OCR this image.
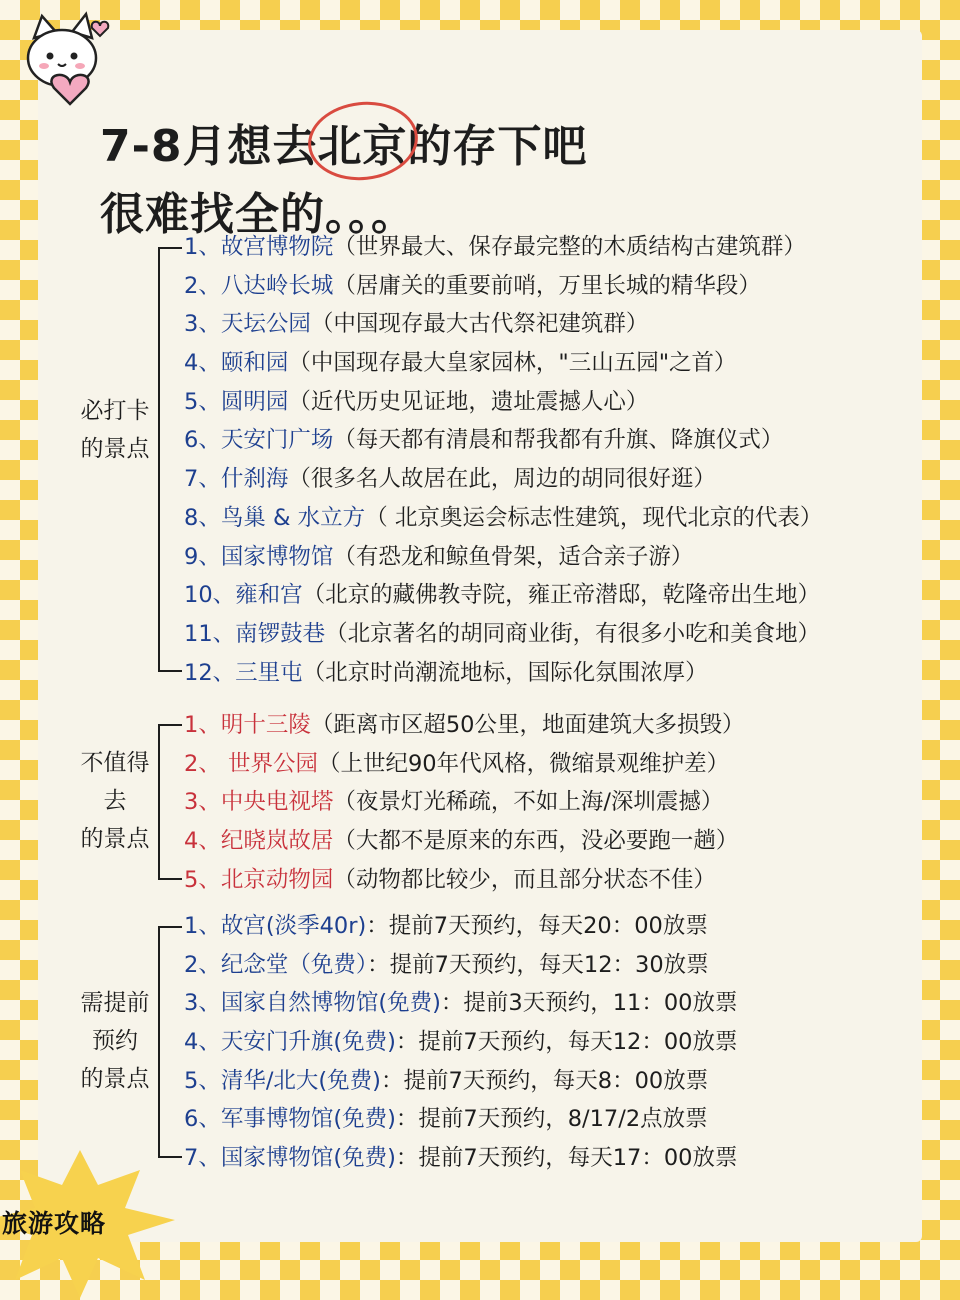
7-8月想去北京的存下吧
很难找全的。。。
必打卡
的景点
1、故宫博物院（世界最大、保存最完整的木质结构古建筑群）
2、八达岭长城（居庸关的重要前哨，万里长城的精华段）
3、天坛公园（中国现存最大古代祭祀建筑群）
4、颐和园（中国现存最大皇家园林，"三山五园"之首）
5、圆明园（近代历史见证地，遗址震撼人心）
6、天安门广场（每天都有清晨和帮我都有升旗、降旗仪式）
7、什刹海（很多名人故居在此，周边的胡同很好逛）
8、鸟巢 & 水立方（ 北京奥运会标志性建筑，现代北京的代表）
9、国家博物馆（有恐龙和鲸鱼骨架，适合亲子游）
10、雍和宫（北京的藏佛教寺院，雍正帝潜邸，乾隆帝出生地）
11、南锣鼓巷（北京著名的胡同商业街，有很多小吃和美食地）
12、三里屯（北京时尚潮流地标，国际化氛围浓厚）
不值得
去
的景点
1、明十三陵（距离市区超50公里，地面建筑大多损毁）
2、 世界公园（上世纪90年代风格，微缩景观维护差）
3、中央电视塔（夜景灯光稀疏，不如上海/深圳震撼）
4、纪晓岚故居（大都不是原来的东西，没必要跑一趟）
5、北京动物园（动物都比较少，而且部分状态不佳）
需提前
预约
的景点
1、故宫(淡季40r)：提前7天预约，每天20：00放票
2、纪念堂（免费）：提前7天预约，每天12：30放票
3、国家自然博物馆(免费)：提前3天预约，11：00放票
4、天安门升旗(免费)：提前7天预约，每天12：00放票
5、清华/北大(免费)：提前7天预约，每天8：00放票
6、军事博物馆(免费)：提前7天预约，8/17/2点放票
7、国家博物馆(免费)：提前7天预约，每天17：00放票
旅游攻略
